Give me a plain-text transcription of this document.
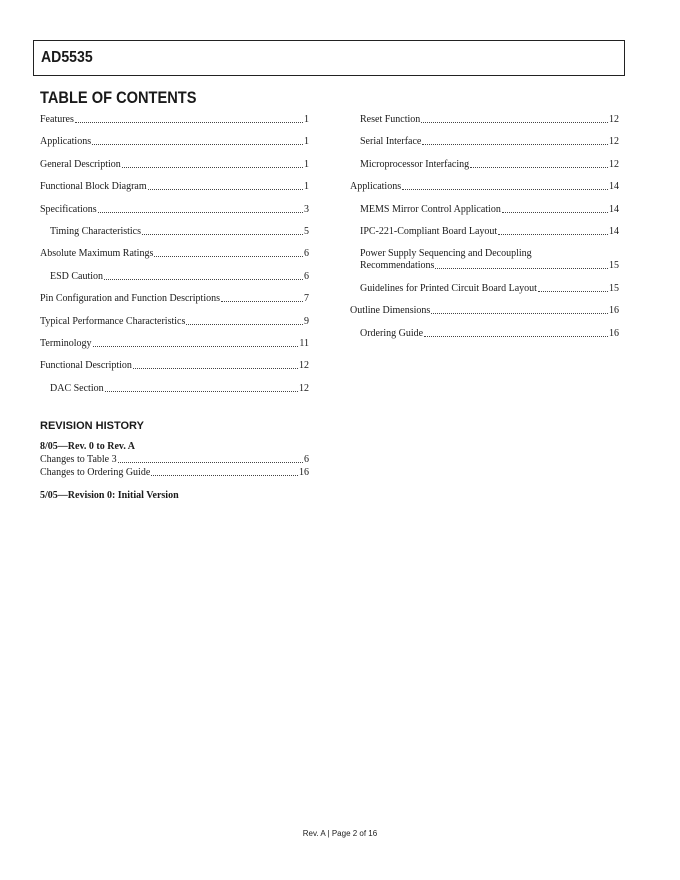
AD5535
TABLE OF CONTENTS
Features	1
Applications	1
General Description	1
Functional Block Diagram	1
Specifications	3
Timing Characteristics	5
Absolute Maximum Ratings	6
ESD Caution	6
Pin Configuration and Function Descriptions	7
Typical Performance Characteristics	9
Terminology	11
Functional Description	12
DAC Section	12
Reset Function	12
Serial Interface	12
Microprocessor Interfacing	12
Applications	14
MEMS Mirror Control Application	14
IPC-221-Compliant Board Layout	14
Power Supply Sequencing and Decoupling
Recommendations	15
Guidelines for Printed Circuit Board Layout	15
Outline Dimensions	16
Ordering Guide	16
REVISION HISTORY
8/05—Rev. 0 to Rev. A
Changes to Table 3	6
Changes to Ordering Guide	16
5/05—Revision 0: Initial Version
Rev. A | Page 2 of 16
